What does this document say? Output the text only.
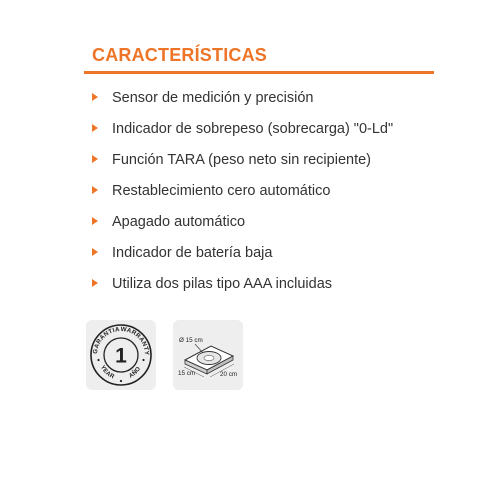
CARACTERÍSTICAS
Sensor de medición y precisión
Indicador de sobrepeso (sobrecarga) "0-Ld"
Función TARA (peso neto sin recipiente)
Restablecimiento cero automático
Apagado automático
Indicador de batería baja
Utiliza dos pilas tipo AAA incluidas
GARANTIA WARRANTY
YEAR AÑO
1
Ø 15 cm
15 cm	20 cm
